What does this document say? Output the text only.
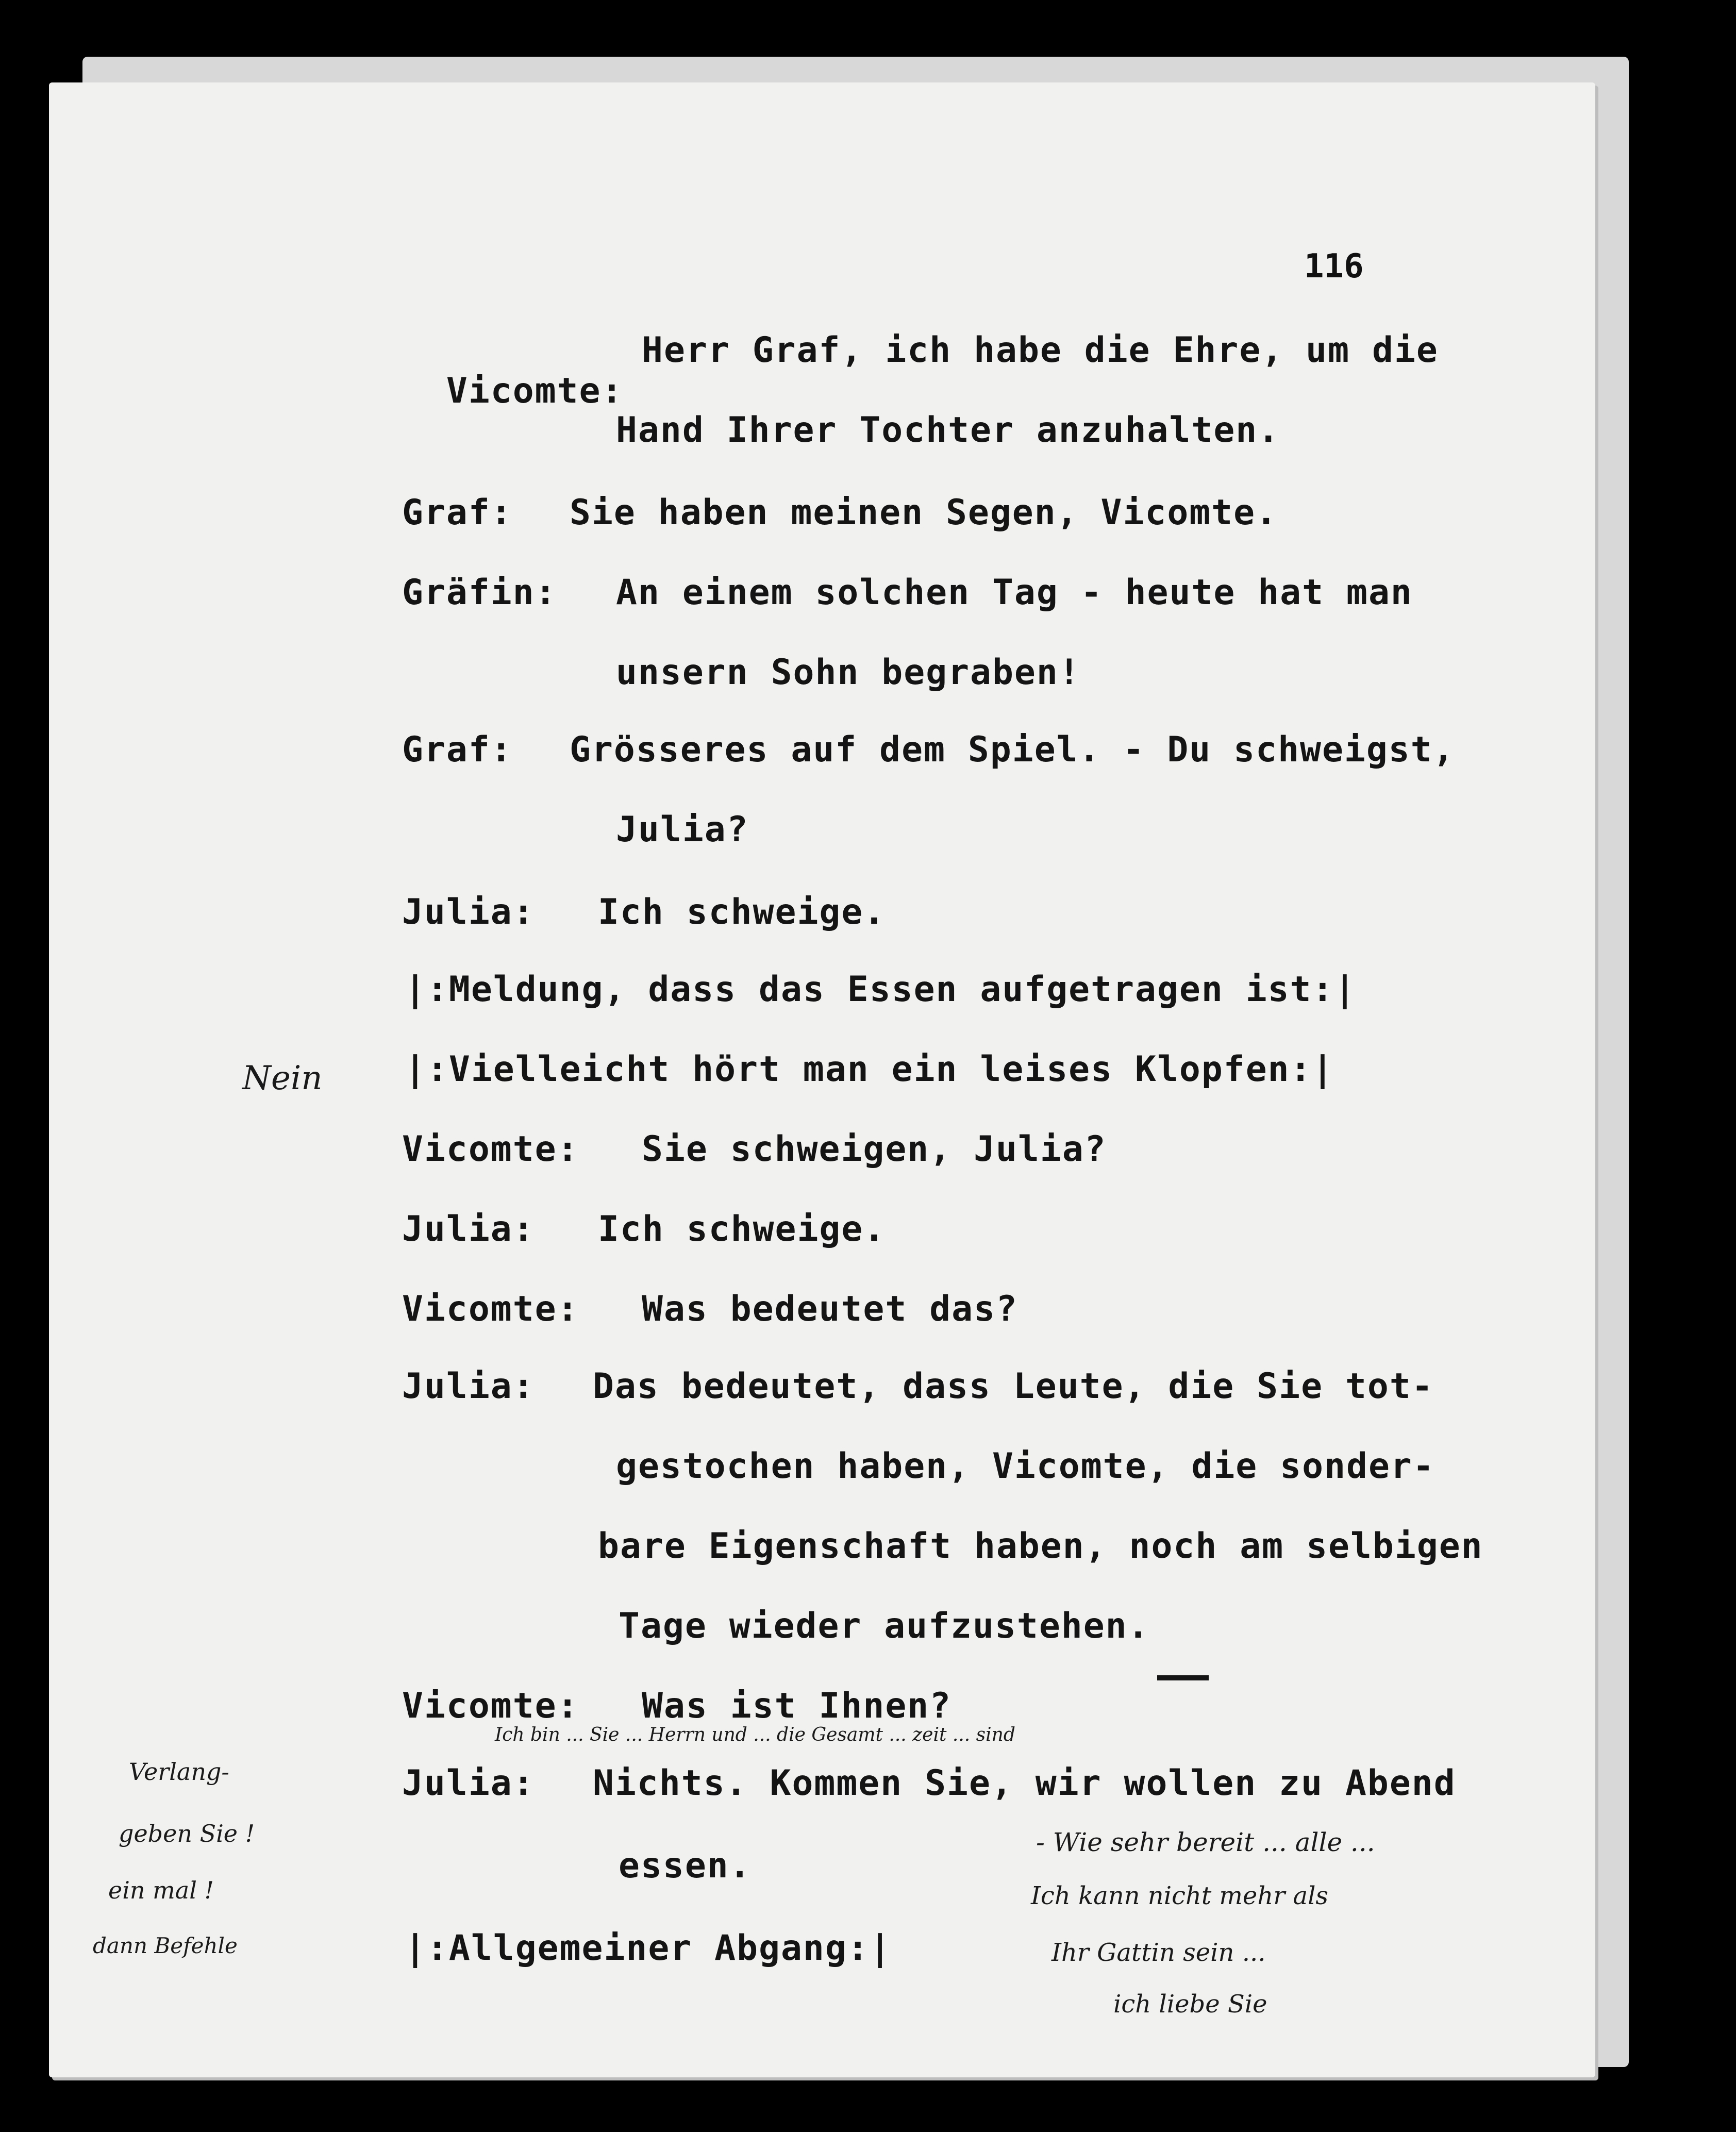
116

Vicomte:

Herr Graf, ich habe die Ehre, um die
Hand Ihrer Tochter anzuhalten.
Graf: Sie haben meinen Segen, Vicomte.
Gräfin: An einem solchen Tag - heute hat man
unsern Sohn begraben!
Graf: Grösseres auf dem Spiel. - Du schweigst,
Julia?
Julia: Ich schweige.
|:Meldung, dass das Essen aufgetragen ist:|
|:Vielleicht hört man ein leises Klopfen:|
Vicomte: Sie schweigen, Julia?
Julia: Ich schweige.
Vicomte: Was bedeutet das?
Julia: Das bedeutet, dass Leute, die Sie tot-
gestochen haben, Vicomte, die sonder-
bare Eigenschaft haben, noch am selbigen
Tage wieder aufzustehen.
Vicomte: Was ist Ihnen?
Ich bin ... Sie ... Herrn und ... die Gesamt ... zeit ... sind
Julia: Nichts. Kommen Sie, wir wollen zu Abend
essen.
|:Allgemeiner Abgang:|
Nein
Verlang-
geben Sie !
ein mal !
dann Befehle
- Wie sehr bereit ... alle ...
Ich kann nicht mehr als
Ihr Gattin sein ...
ich liebe Sie
